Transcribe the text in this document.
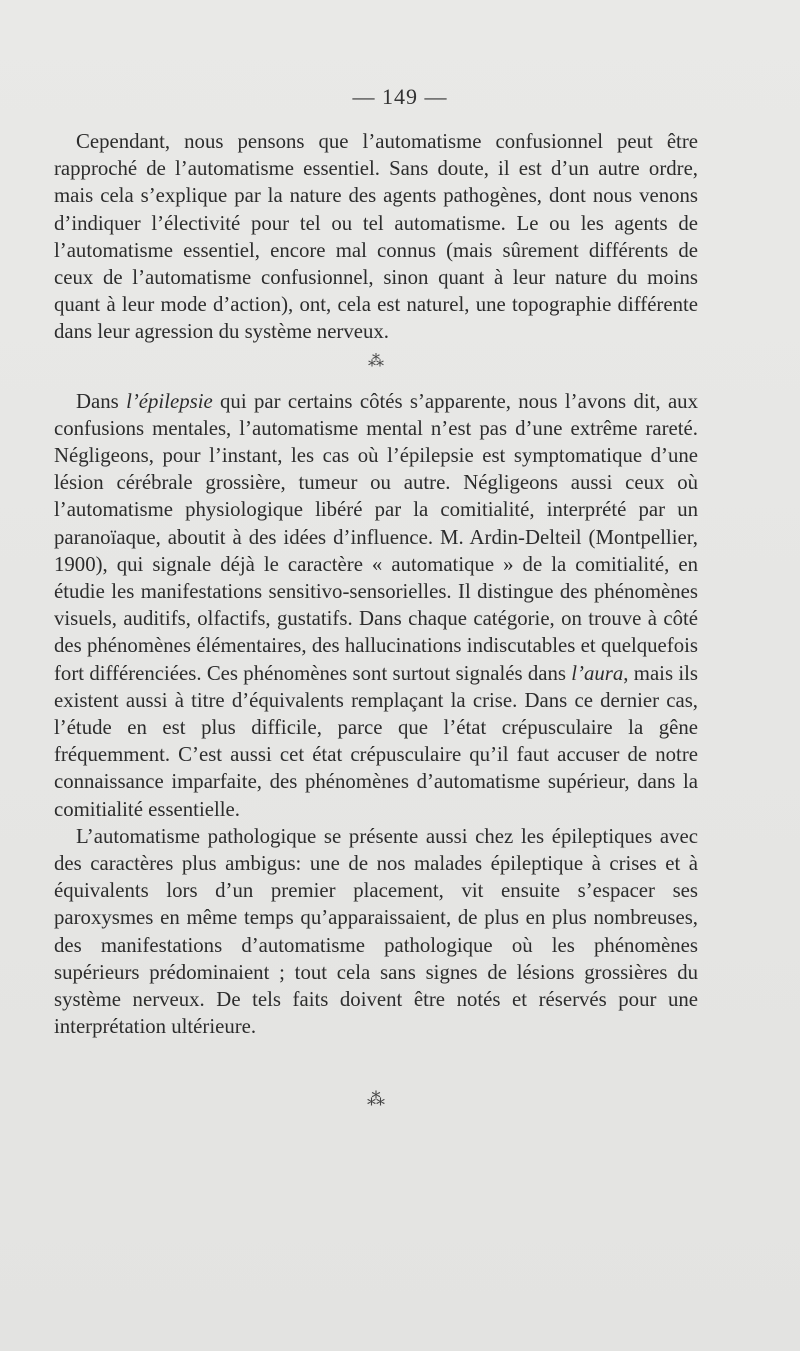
— 149 —

Cependant, nous pensons que l’automatisme confusionnel peut être rapproché de l’automatisme essentiel. Sans doute, il est d’un autre ordre, mais cela s’explique par la nature des agents pathogènes, dont nous venons d’indiquer l’électivité pour tel ou tel automatisme. Le ou les agents de l’automatisme essentiel, encore mal connus (mais sûrement différents de ceux de l’automatisme confusionnel, sinon quant à leur nature du moins quant à leur mode d’action), ont, cela est naturel, une topographie différente dans leur agression du système nerveux.

⁂

Dans l’épilepsie qui par certains côtés s’apparente, nous l’avons dit, aux confusions mentales, l’automatisme mental n’est pas d’une extrême rareté. Négligeons, pour l’instant, les cas où l’épilepsie est symptomatique d’une lésion cérébrale grossière, tumeur ou autre. Négligeons aussi ceux où l’automatisme physiologique libéré par la comitialité, interprété par un paranoïaque, aboutit à des idées d’influence. M. Ardin-Delteil (Montpellier, 1900), qui signale déjà le caractère « automatique » de la comitialité, en étudie les manifestations sensitivo-sensorielles. Il distingue des phénomènes visuels, auditifs, olfactifs, gustatifs. Dans chaque catégorie, on trouve à côté des phénomènes élémentaires, des hallucinations indiscutables et quelquefois fort différenciées. Ces phénomènes sont surtout signalés dans l’aura, mais ils existent aussi à titre d’équivalents remplaçant la crise. Dans ce dernier cas, l’étude en est plus difficile, parce que l’état crépusculaire la gêne fréquemment. C’est aussi cet état crépusculaire qu’il faut accuser de notre connaissance imparfaite, des phénomènes d’automatisme supérieur, dans la comitialité essentielle.

L’automatisme pathologique se présente aussi chez les épileptiques avec des caractères plus ambigus: une de nos malades épileptique à crises et à équivalents lors d’un premier placement, vit ensuite s’espacer ses paroxysmes en même temps qu’apparaissaient, de plus en plus nombreuses, des manifestations d’automatisme pathologique où les phénomènes supérieurs prédominaient ; tout cela sans signes de lésions grossières du système nerveux. De tels faits doivent être notés et réservés pour une interprétation ultérieure.

⁂
